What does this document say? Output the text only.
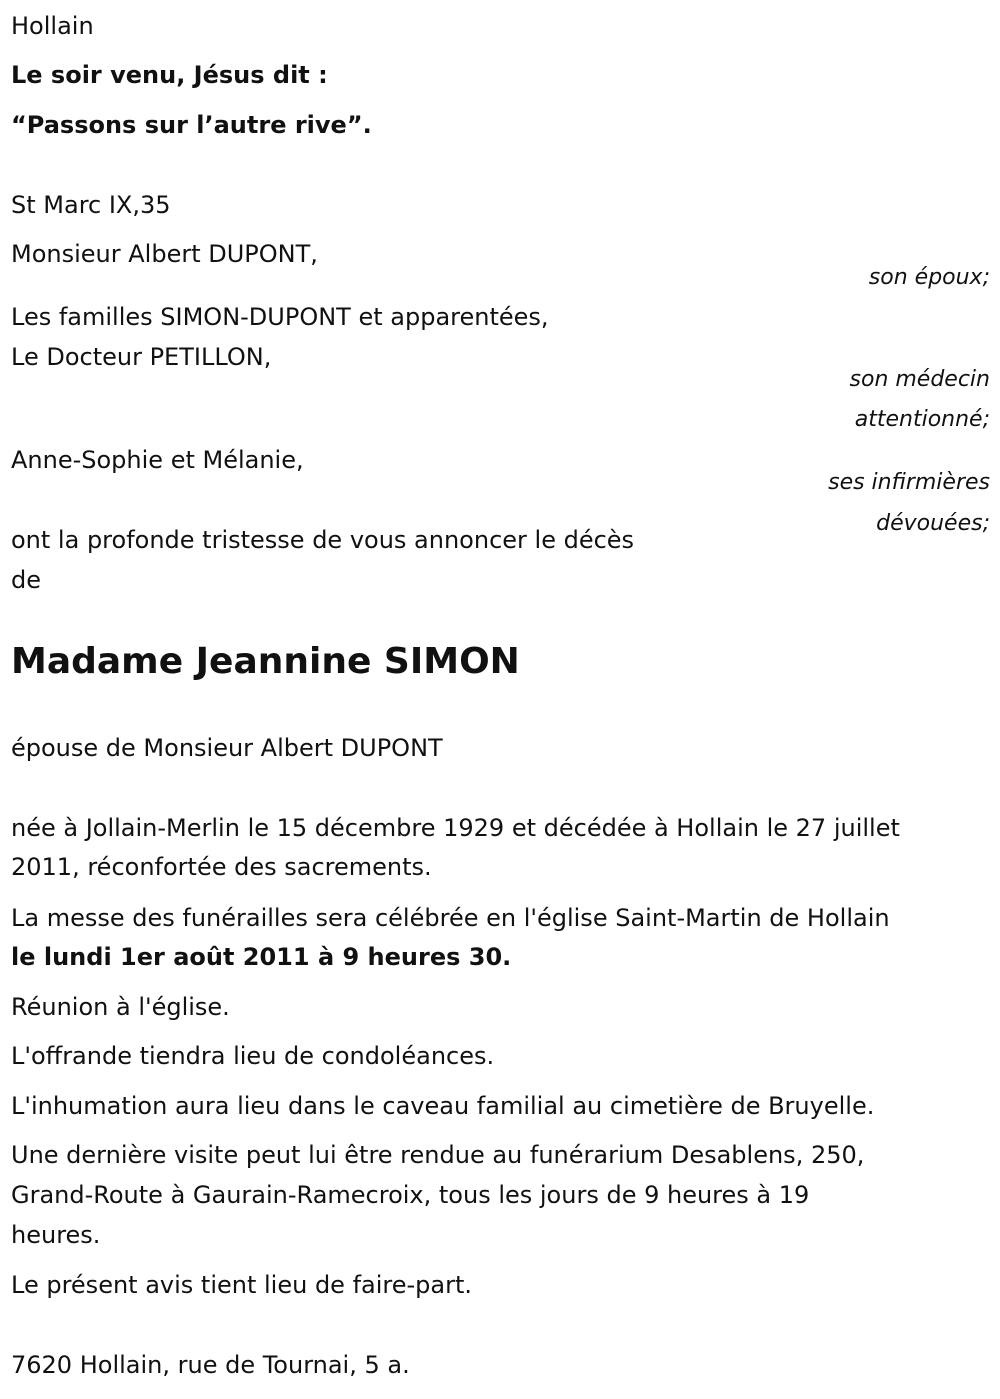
Hollain
Le soir venu, Jésus dit :
“Passons sur l’autre rive”.
St Marc IX,35
Monsieur Albert DUPONT,
son époux;
Les familles SIMON-DUPONT et apparentées,
Le Docteur PETILLON,
son médecin
attentionné;
Anne-Sophie et Mélanie,
ses infirmières
dévouées;
ont la profonde tristesse de vous annoncer le décès
de
Madame Jeannine SIMON
épouse de Monsieur Albert DUPONT
née à Jollain-Merlin le 15 décembre 1929 et décédée à Hollain le 27 juillet
2011, réconfortée des sacrements.
La messe des funérailles sera célébrée en l'église Saint-Martin de Hollain
le lundi 1er août 2011 à 9 heures 30.
Réunion à l'église.
L'offrande tiendra lieu de condoléances.
L'inhumation aura lieu dans le caveau familial au cimetière de Bruyelle.
Une dernière visite peut lui être rendue au funérarium Desablens, 250,
Grand-Route à Gaurain-Ramecroix, tous les jours de 9 heures à 19
heures.
Le présent avis tient lieu de faire-part.
7620 Hollain, rue de Tournai, 5 a.
